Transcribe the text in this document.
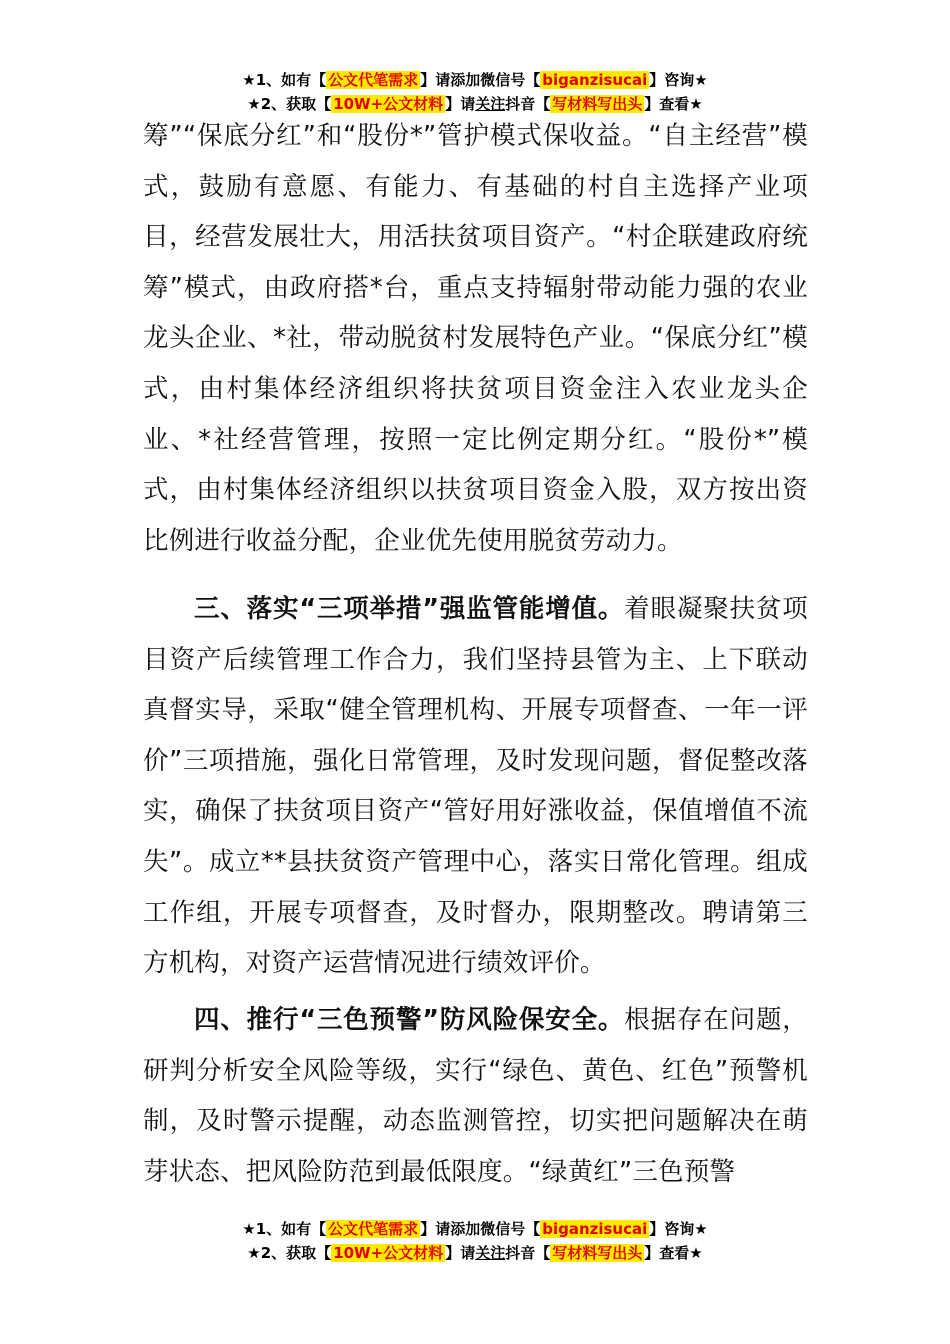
★1、如有【 公文代笔需求 】请添加微信号【 biganzisucai 】咨询★
★2、获取【 10W+公文材料 】请关注抖音【 写材料写出头 】查看★

筹”“保底分红”和“股份*”管护模式保收益。“自主经营”模式，鼓励有意愿、有能力、有基础的村自主选择产业项目，经营发展壮大，用活扶贫项目资产。“村企联建政府统筹”模式，由政府搭*台，重点支持辐射带动能力强的农业龙头企业、*社，带动脱贫村发展特色产业。“保底分红”模式，由村集体经济组织将扶贫项目资金注入农业龙头企业、*社经营管理，按照一定比例定期分红。“股份*”模式，由村集体经济组织以扶贫项目资金入股，双方按出资比例进行收益分配，企业优先使用脱贫劳动力。

三、落实“三项举措”强监管能增值。着眼凝聚扶贫项目资产后续管理工作合力，我们坚持县管为主、上下联动真督实导，采取“健全管理机构、开展专项督查、一年一评价”三项措施，强化日常管理，及时发现问题，督促整改落实，确保了扶贫项目资产“管好用好涨收益，保值增值不流失”。成立**县扶贫资产管理中心，落实日常化管理。组成工作组，开展专项督查，及时督办，限期整改。聘请第三方机构，对资产运营情况进行绩效评价。

四、推行“三色预警”防风险保安全。根据存在问题，研判分析安全风险等级，实行“绿色、黄色、红色”预警机制，及时警示提醒，动态监测管控，切实把问题解决在萌芽状态、把风险防范到最低限度。“绿黄红”三色预警

★1、如有【 公文代笔需求 】请添加微信号【 biganzisucai 】咨询★
★2、获取【 10W+公文材料 】请关注抖音【 写材料写出头 】查看★
